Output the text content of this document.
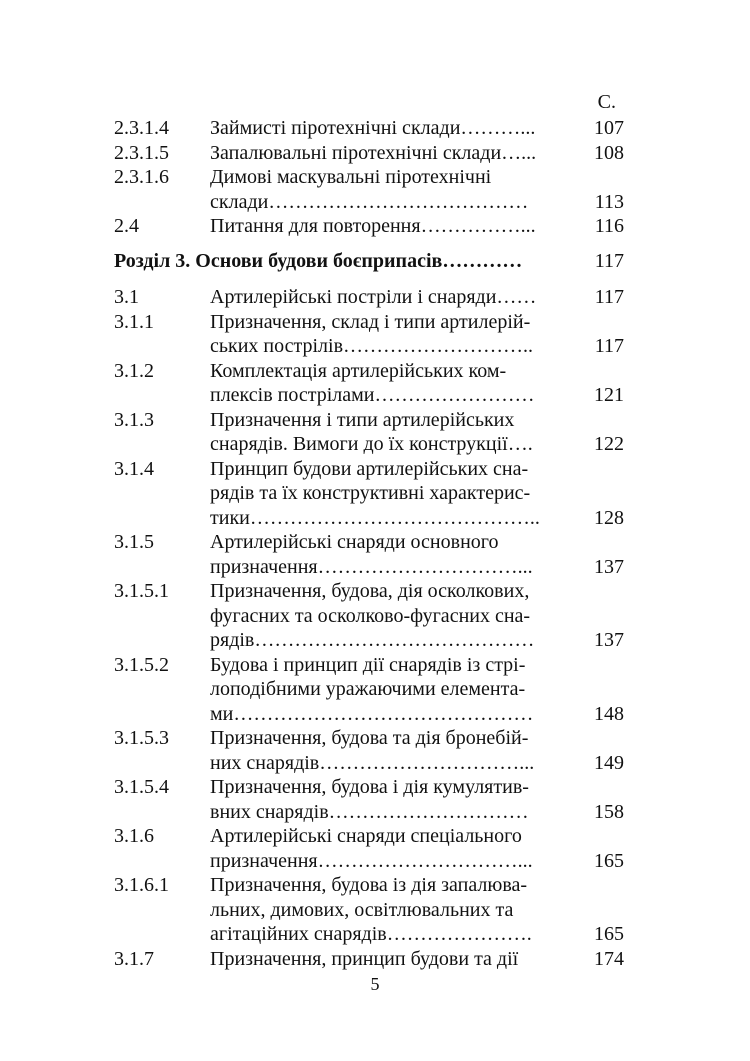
С.
2.3.1.4	Займисті піротехнічні склади………...	107
2.3.1.5	Запалювальні піротехнічні склади…...	108
2.3.1.6	Димові маскувальні піротехнічні
склади…………………………………	113
2.4	Питання для повторення……………...	116
Розділ 3. Основи будови боєприпасів…………	117
3.1	Артилерійські постріли і снаряди……	117
3.1.1	Призначення, склад і типи артилерій-
ських пострілів………………………..	117
3.1.2	Комплектація артилерійських ком-
плексів пострілами……………………	121
3.1.3	Призначення і типи артилерійських
снарядів. Вимоги до їх конструкції….	122
3.1.4	Принцип будови артилерійських сна-
рядів та їх конструктивні характерис-
тики……………………………………..	128
3.1.5	Артилерійські снаряди основного
призначення…………………………...	137
3.1.5.1	Призначення, будова, дія осколкових,
фугасних та осколково-фугасних сна-
рядів……………………………………	137
3.1.5.2	Будова і принцип дії снарядів із стрі-
лоподібними уражаючими елемента-
ми………………………………………	148
3.1.5.3	Призначення, будова та дія бронебій-
них снарядів…………………………...	149
3.1.5.4	Призначення, будова і дія кумулятив-
вних снарядів…………………………	158
3.1.6	Артилерійські снаряди спеціального
призначення…………………………...	165
3.1.6.1	Призначення, будова із дія запалюва-
льних, димових, освітлювальних та
агітаційних снарядів………………….	165
3.1.7	Призначення, принцип будови та дії	174
5
